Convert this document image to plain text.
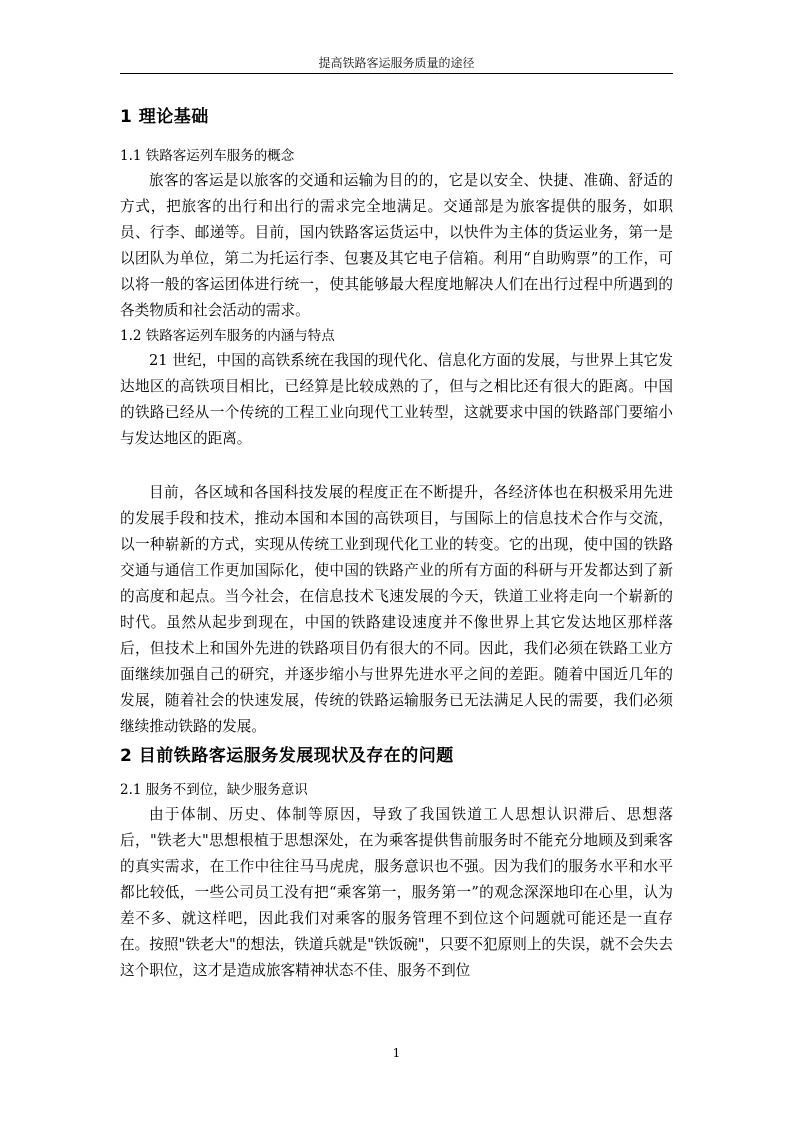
提高铁路客运服务质量的途径
1 理论基础
1.1 铁路客运列车服务的概念

旅客的客运是以旅客的交通和运输为目的的，它是以安全、快捷、准确、舒适的方式，把旅客的出行和出行的需求完全地满足。交通部是为旅客提供的服务，如职员、行李、邮递等。目前，国内铁路客运货运中，以快件为主体的货运业务，第一是以团队为单位，第二为托运行李、包裹及其它电子信箱。利用“自助购票”的工作，可以将一般的客运团体进行统一，使其能够最大程度地解决人们在出行过程中所遇到的各类物质和社会活动的需求。

1.2 铁路客运列车服务的内涵与特点

21 世纪，中国的高铁系统在我国的现代化、信息化方面的发展，与世界上其它发达地区的高铁项目相比，已经算是比较成熟的了，但与之相比还有很大的距离。中国的铁路已经从一个传统的工程工业向现代工业转型，这就要求中国的铁路部门要缩小与发达地区的距离。

目前，各区域和各国科技发展的程度正在不断提升，各经济体也在积极采用先进的发展手段和技术，推动本国和本国的高铁项目，与国际上的信息技术合作与交流，以一种崭新的方式，实现从传统工业到现代化工业的转变。它的出现，使中国的铁路交通与通信工作更加国际化，使中国的铁路产业的所有方面的科研与开发都达到了新的高度和起点。当今社会，在信息技术飞速发展的今天，铁道工业将走向一个崭新的时代。虽然从起步到现在，中国的铁路建设速度并不像世界上其它发达地区那样落后，但技术上和国外先进的铁路项目仍有很大的不同。因此，我们必须在铁路工业方面继续加强自己的研究，并逐步缩小与世界先进水平之间的差距。随着中国近几年的发展，随着社会的快速发展，传统的铁路运输服务已无法满足人民的需要，我们必须继续推动铁路的发展。

2 目前铁路客运服务发展现状及存在的问题
2.1 服务不到位，缺少服务意识

由于体制、历史、体制等原因，导致了我国铁道工人思想认识滞后、思想落后，"铁老大"思想根植于思想深处，在为乘客提供售前服务时不能充分地顾及到乘客的真实需求，在工作中往往马马虎虎，服务意识也不强。因为我们的服务水平和水平都比较低，一些公司员工没有把“乘客第一，服务第一”的观念深深地印在心里，认为差不多、就这样吧，因此我们对乘客的服务管理不到位这个问题就可能还是一直存在。按照"铁老大"的想法，铁道兵就是"铁饭碗"，只要不犯原则上的失误，就不会失去这个职位，这才是造成旅客精神状态不佳、服务不到位

1
